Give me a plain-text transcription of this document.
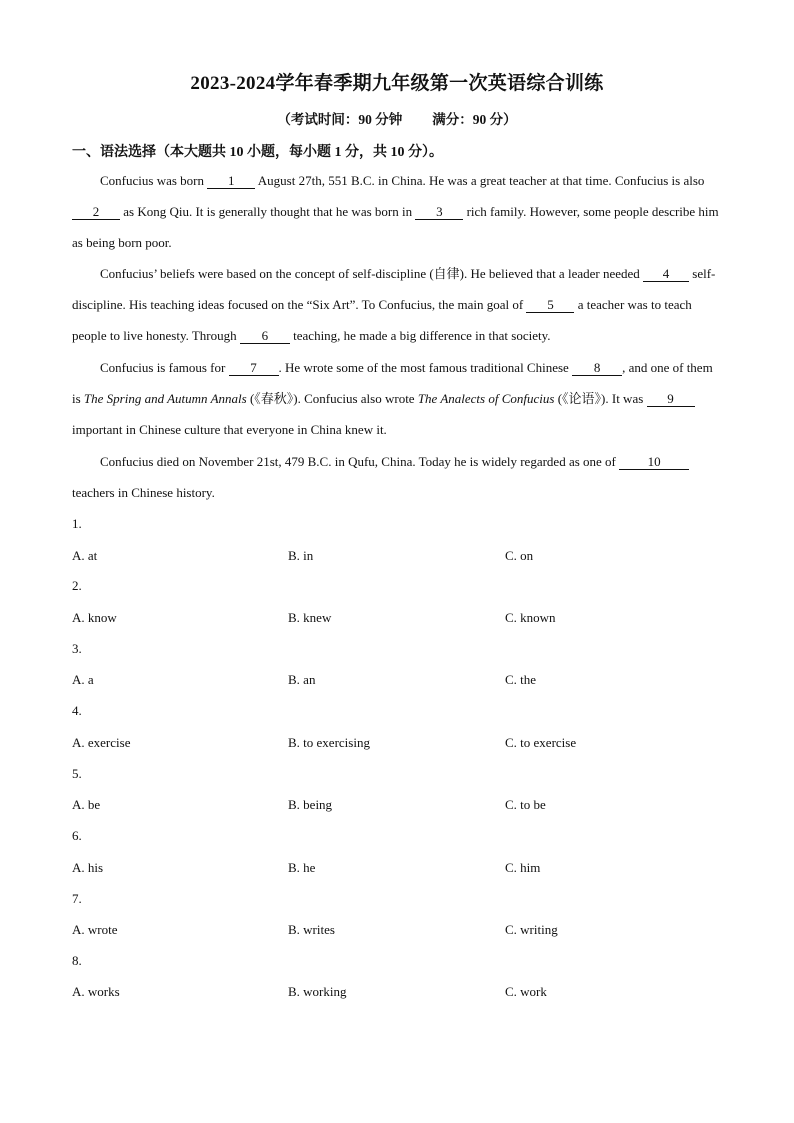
2023-2024学年春季期九年级第一次英语综合训练
（考试时间：90 分钟 满分：90 分）
一、语法选择（本大题共 10 小题，每小题 1 分，共 10 分）。
Confucius was born 1 August 27th, 551 B.C. in China. He was a great teacher at that time. Confucius is also 2 as Kong Qiu. It is generally thought that he was born in 3 rich family. However, some people describe him as being born poor.
Confucius’ beliefs were based on the concept of self-discipline (自律). He believed that a leader needed 4 self-discipline. His teaching ideas focused on the “Six Art”. To Confucius, the main goal of 5 a teacher was to teach people to live honesty. Through 6 teaching, he made a big difference in that society.
Confucius is famous for 7 . He wrote some of the most famous traditional Chinese 8 , and one of them is The Spring and Autumn Annals (《春秋》). Confucius also wrote The Analects of Confucius (《论语》). It was 9 important in Chinese culture that everyone in China knew it.
Confucius died on November 21st, 479 B.C. in Qufu, China. Today he is widely regarded as one of 10 teachers in Chinese history.
1.
A. at	B. in	C. on
2.
A. know	B. knew	C. known
3.
A. a	B. an	C. the
4.
A. exercise	B. to exercising	C. to exercise
5.
A. be	B. being	C. to be
6.
A. his	B. he	C. him
7.
A. wrote	B. writes	C. writing
8.
A. works	B. working	C. work
